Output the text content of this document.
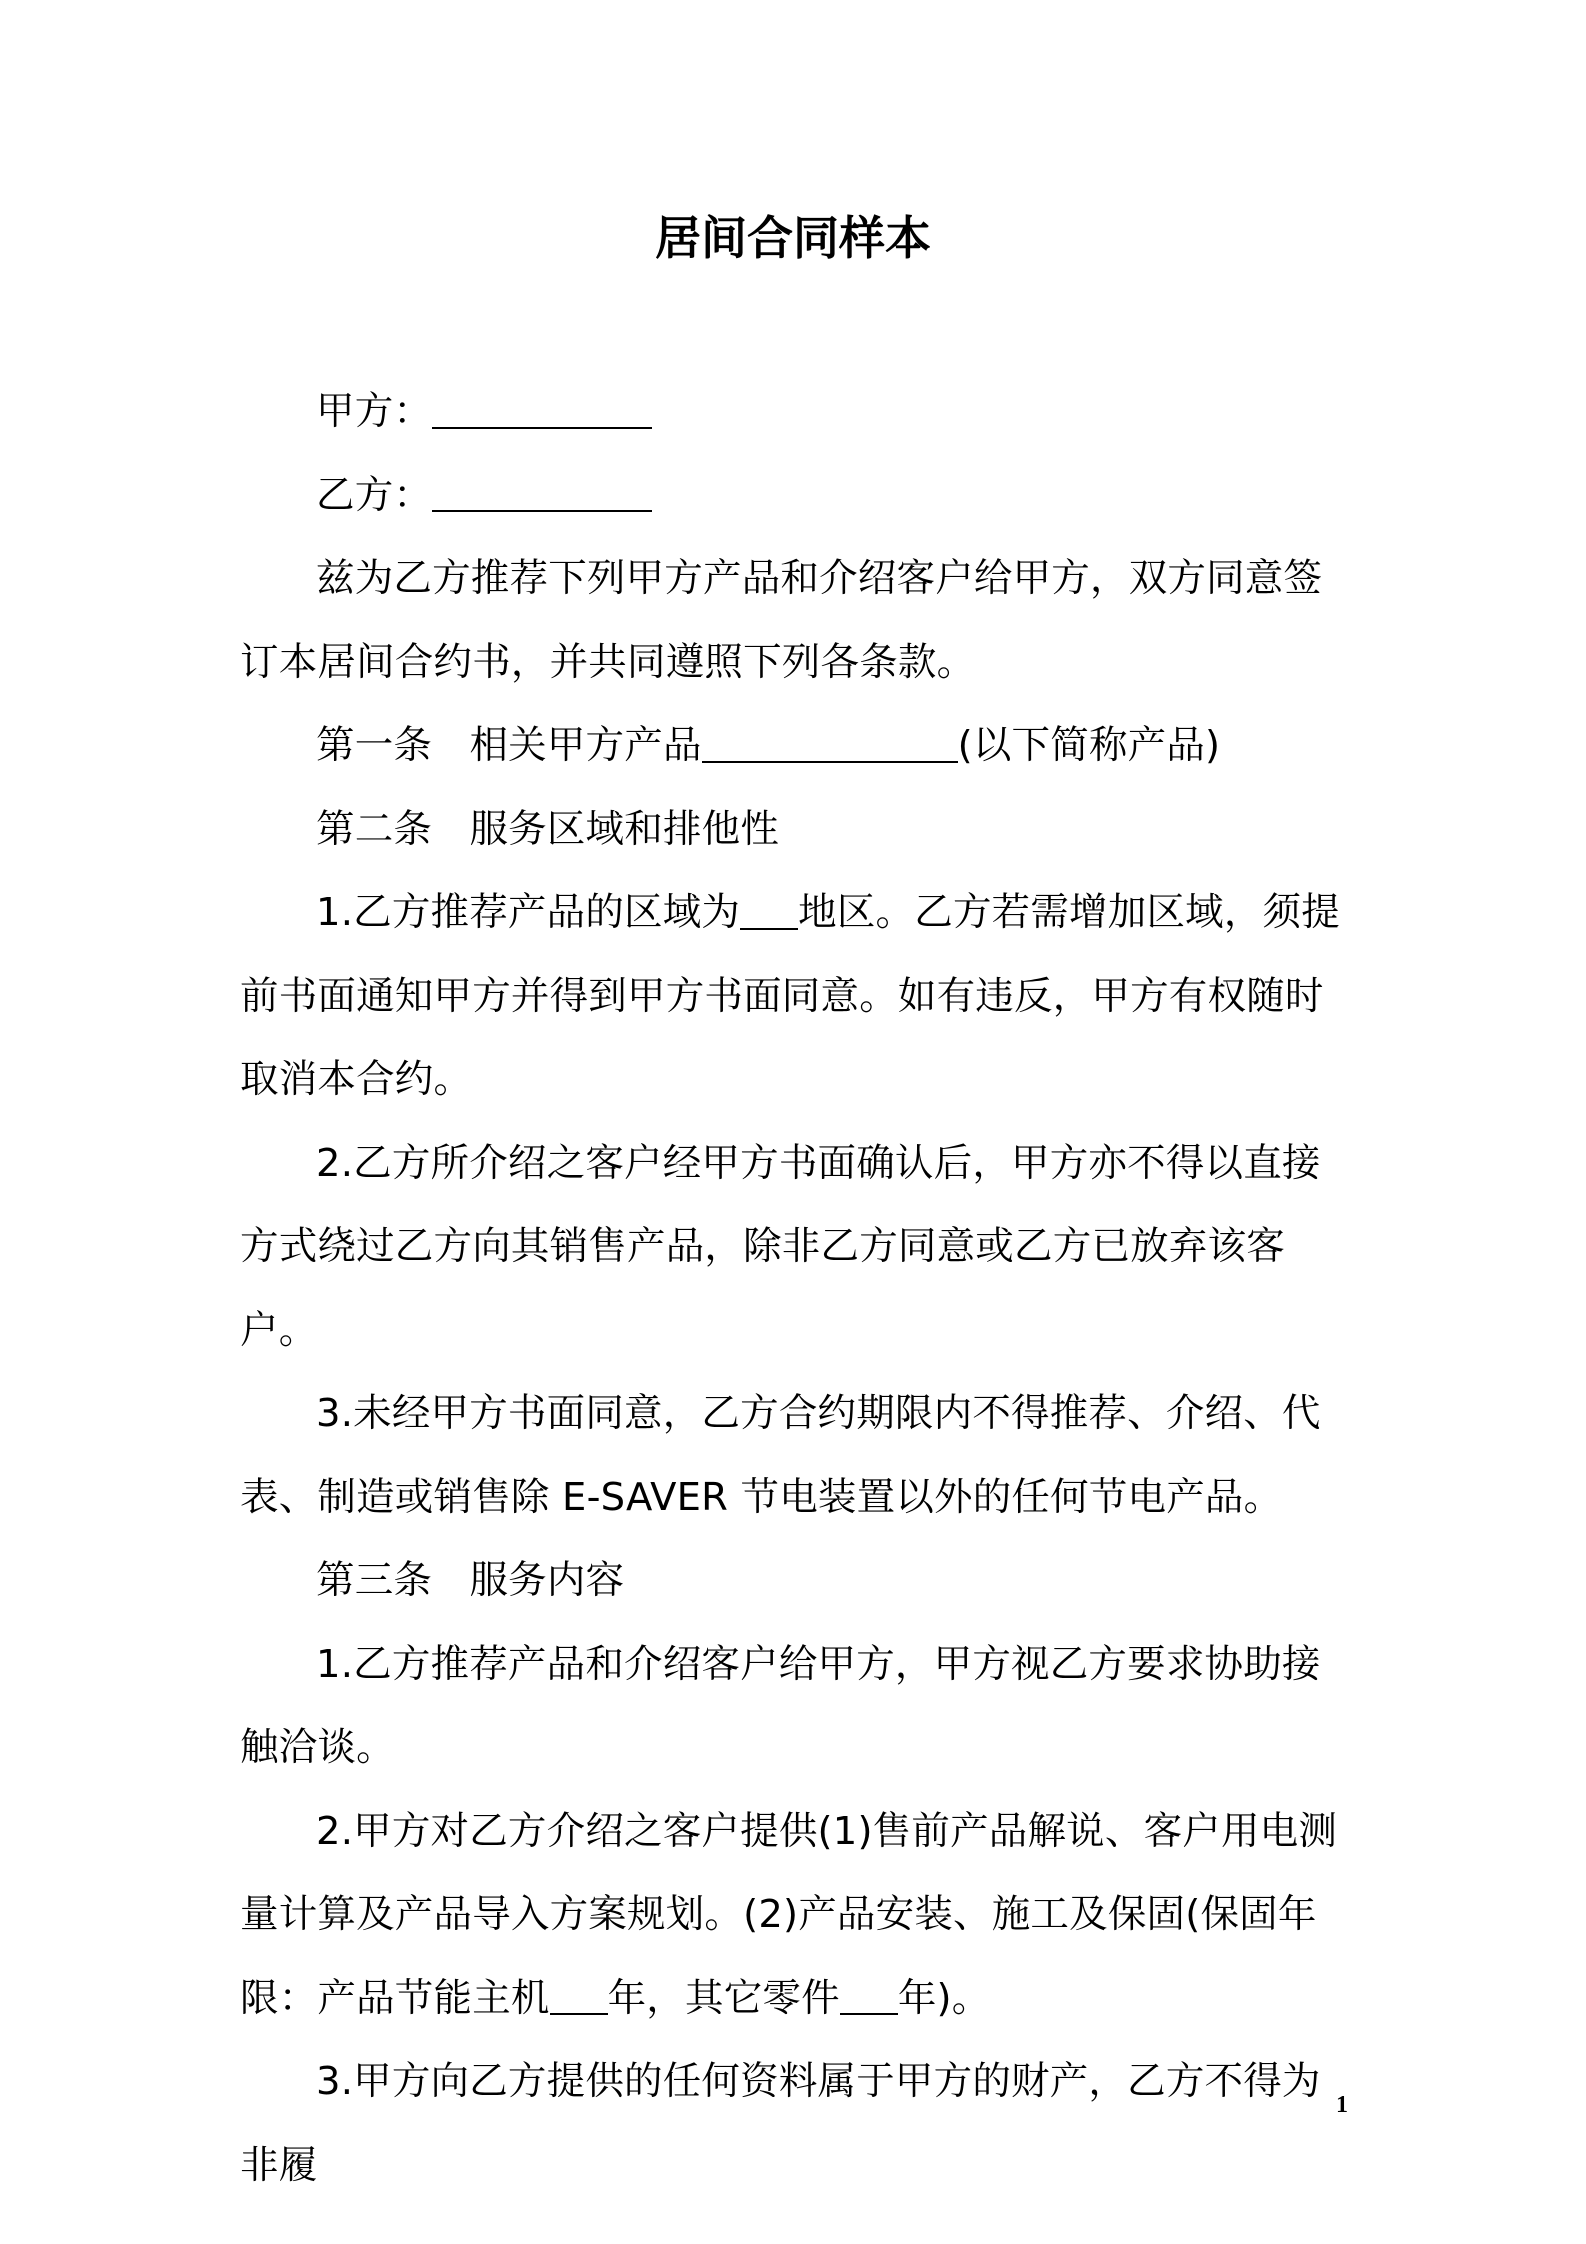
居间合同样本

甲方：

乙方：

兹为乙方推荐下列甲方产品和介绍客户给甲方，双方同意签订本居间合约书，并共同遵照下列各条款。

第一条 相关甲方产品	(以下简称产品)

第二条 服务区域和排他性

1.乙方推荐产品的区域为 地区。乙方若需增加区域，须提前书面通知甲方并得到甲方书面同意。如有违反，甲方有权随时取消本合约。

2.乙方所介绍之客户经甲方书面确认后，甲方亦不得以直接方式绕过乙方向其销售产品，除非乙方同意或乙方已放弃该客户。

3.未经甲方书面同意，乙方合约期限内不得推荐、介绍、代表、制造或销售除 E-SAVER 节电装置以外的任何节电产品。

第三条 服务内容

1.乙方推荐产品和介绍客户给甲方，甲方视乙方要求协助接触洽谈。

2.甲方对乙方介绍之客户提供(1)售前产品解说、客户用电测量计算及产品导入方案规划。(2)产品安装、施工及保固(保固年限：产品节能主机 年，其它零件 年)。

3.甲方向乙方提供的任何资料属于甲方的财产，乙方不得为非履

1
